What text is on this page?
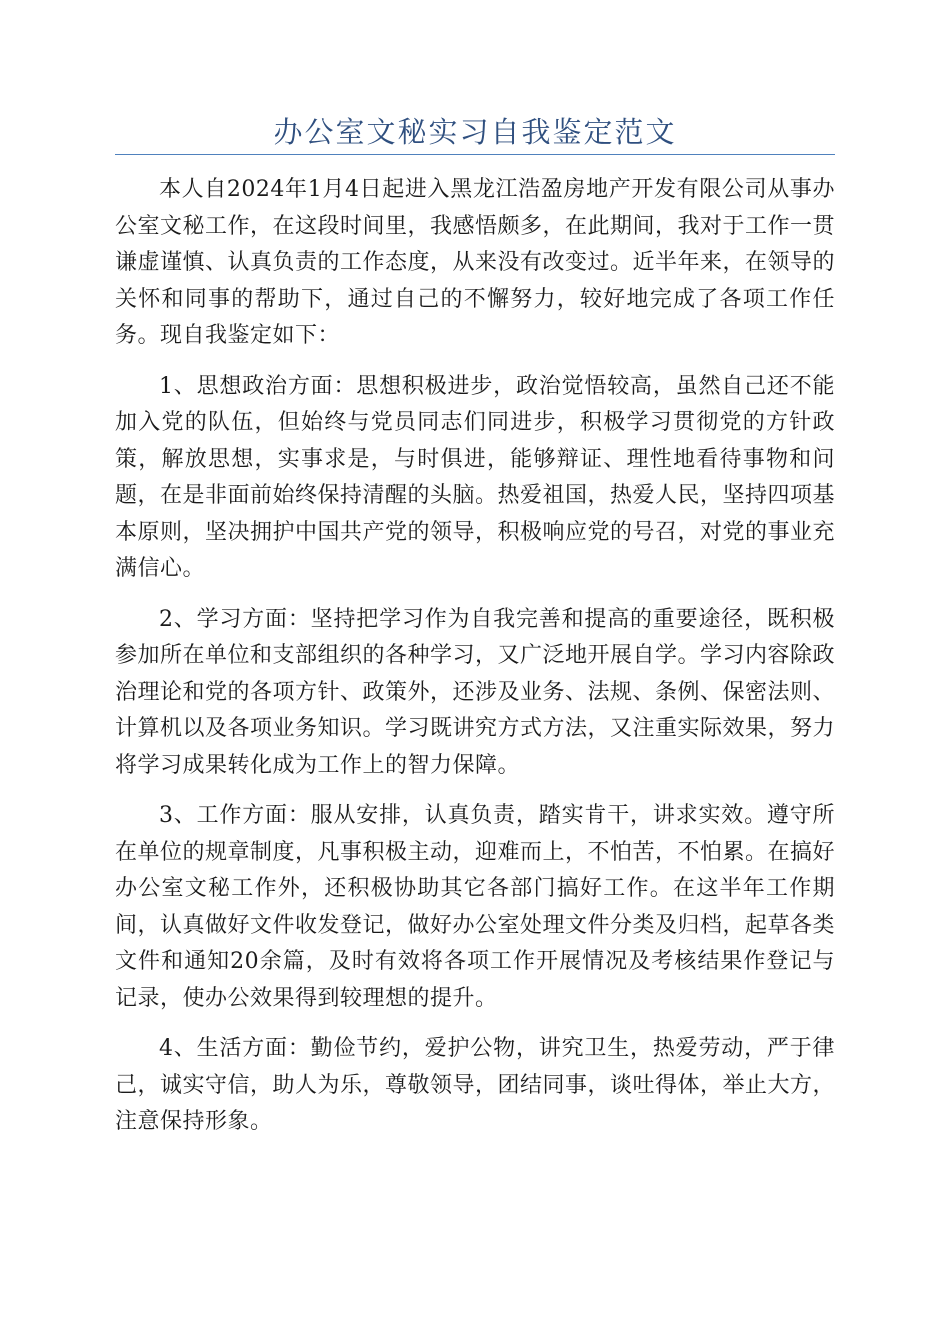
办公室文秘实习自我鉴定范文

本人自2024年1月4日起进入黑龙江浩盈房地产开发有限公司从事办公室文秘工作，在这段时间里，我感悟颇多，在此期间，我对于工作一贯谦虚谨慎、认真负责的工作态度，从来没有改变过。近半年来，在领导的关怀和同事的帮助下，通过自己的不懈努力，较好地完成了各项工作任务。现自我鉴定如下：

1、思想政治方面：思想积极进步，政治觉悟较高，虽然自己还不能加入党的队伍，但始终与党员同志们同进步，积极学习贯彻党的方针政策，解放思想，实事求是，与时俱进，能够辩证、理性地看待事物和问题，在是非面前始终保持清醒的头脑。热爱祖国，热爱人民，坚持四项基本原则，坚决拥护中国共产党的领导，积极响应党的号召，对党的事业充满信心。

2、学习方面：坚持把学习作为自我完善和提高的重要途径，既积极参加所在单位和支部组织的各种学习，又广泛地开展自学。学习内容除政治理论和党的各项方针、政策外，还涉及业务、法规、条例、保密法则、计算机以及各项业务知识。学习既讲究方式方法，又注重实际效果，努力将学习成果转化成为工作上的智力保障。

3、工作方面：服从安排，认真负责，踏实肯干，讲求实效。遵守所在单位的规章制度，凡事积极主动，迎难而上，不怕苦，不怕累。在搞好办公室文秘工作外，还积极协助其它各部门搞好工作。在这半年工作期间，认真做好文件收发登记，做好办公室处理文件分类及归档，起草各类文件和通知20余篇，及时有效将各项工作开展情况及考核结果作登记与记录，使办公效果得到较理想的提升。

4、生活方面：勤俭节约，爱护公物，讲究卫生，热爱劳动，严于律己，诚实守信，助人为乐，尊敬领导，团结同事，谈吐得体，举止大方，注意保持形象。
